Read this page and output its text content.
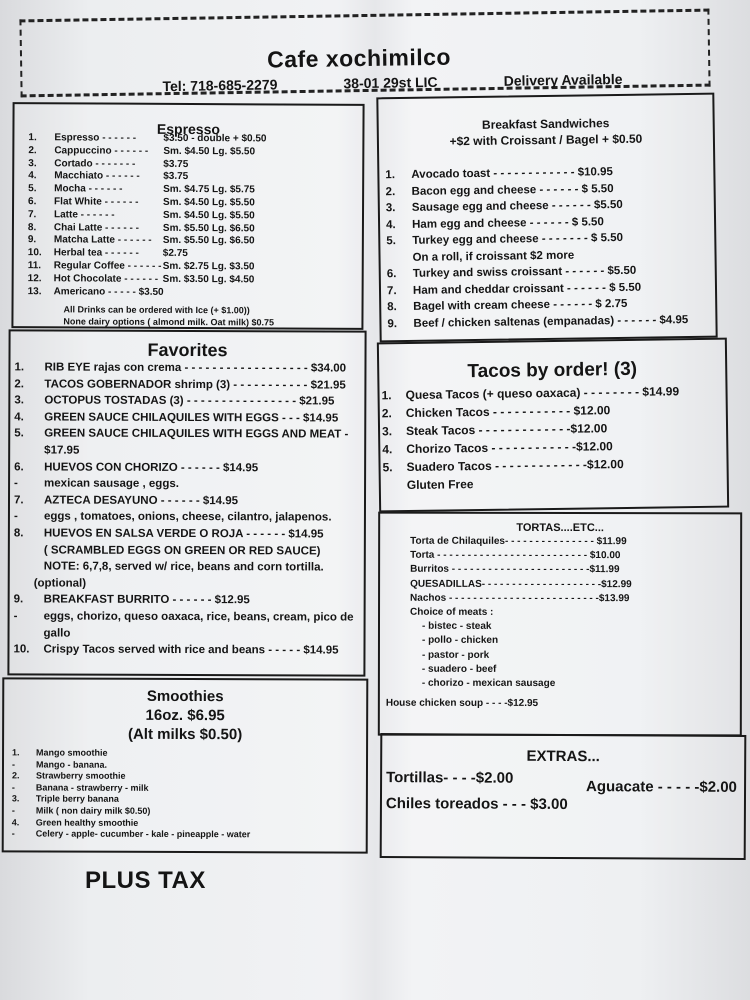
Cafe xochimilco
Tel: 718-685-2279	38-01 29st LIC	Delivery Available
Espresso
1. Espresso - - - - - -	$3.50 - double + $0.50
2. Cappuccino - - - - - - Sm. $4.50 Lg. $5.50
3. Cortado - - - - - - -	$3.75
4. Macchiato - - - - - - $3.75
5. Mocha - - - - - -	Sm. $4.75 Lg. $5.75
6. Flat White - - - - - - Sm. $4.50 Lg. $5.50
7. Latte - - - - - -	Sm. $4.50 Lg. $5.50
8. Chai Latte - - - - - - Sm. $5.50 Lg. $6.50
9. Matcha Latte - - - - - - Sm. $5.50 Lg. $6.50
10. Herbal tea - - - - - - $2.75
11. Regular Coffee - - - - - - Sm. $2.75 Lg. $3.50
12. Hot Chocolate - - - - - - Sm. $3.50 Lg. $4.50
13. Americano - - - - - $3.50
All Drinks can be ordered with Ice (+ $1.00))
None dairy options ( almond milk. Oat milk) $0.75
Favorites
1. RIB EYE rajas con crema - - - - - - - - - - - - - - - - - - $34.00
2. TACOS GOBERNADOR shrimp (3) - - - - - - - - - - - $21.95
3. OCTOPUS TOSTADAS (3) - - - - - - - - - - - - - - - - $21.95
4. GREEN SAUCE CHILAQUILES WITH EGGS - - - $14.95
5. GREEN SAUCE CHILAQUILES WITH EGGS AND MEAT -
$17.95
6. HUEVOS CON CHORIZO - - - - - - $14.95
- mexican sausage , eggs.
7. AZTECA DESAYUNO - - - - - - $14.95
- eggs , tomatoes, onions, cheese, cilantro, jalapenos.
8. HUEVOS EN SALSA VERDE O ROJA - - - - - - $14.95
( SCRAMBLED EGGS ON GREEN OR RED SAUCE)
NOTE: 6,7,8, served w/ rice, beans and corn tortilla.
(optional)
9. BREAKFAST BURRITO - - - - - - $12.95
- eggs, chorizo, queso oaxaca, rice, beans, cream, pico de
gallo
10. Crispy Tacos served with rice and beans - - - - - $14.95
Smoothies
16oz. $6.95
(Alt milks $0.50)
1. Mango smoothie
- Mango - banana.
2. Strawberry smoothie
- Banana - strawberry - milk
3. Triple berry banana
- Milk ( non dairy milk $0.50)
4. Green healthy smoothie
- Celery - apple- cucumber - kale - pineapple - water
PLUS TAX
Breakfast Sandwiches
+$2 with Croissant / Bagel + $0.50
1. Avocado toast - - - - - - - - - - - - $10.95
2. Bacon egg and cheese - - - - - - $ 5.50
3. Sausage egg and cheese - - - - - - $5.50
4. Ham egg and cheese - - - - - - $ 5.50
5. Turkey egg and cheese - - - - - - - $ 5.50
On a roll, if croissant $2 more
6. Turkey and swiss croissant - - - - - - $5.50
7. Ham and cheddar croissant - - - - - - $ 5.50
8. Bagel with cream cheese - - - - - - $ 2.75
9. Beef / chicken saltenas (empanadas) - - - - - - $4.95
Tacos by order! (3)
1. Quesa Tacos (+ queso oaxaca) - - - - - - - - $14.99
2. Chicken Tacos - - - - - - - - - - - $12.00
3. Steak Tacos - - - - - - - - - - - - -$12.00
4. Chorizo Tacos - - - - - - - - - - - -$12.00
5. Suadero Tacos - - - - - - - - - - - - -$12.00
Gluten Free
TORTAS....ETC...
Torta de Chilaquiles- - - - - - - - - - - - - - - $11.99
Torta - - - - - - - - - - - - - - - - - - - - - - - - - $10.00
Burritos - - - - - - - - - - - - - - - - - - - - - - -$11.99
QUESADILLAS- - - - - - - - - - - - - - - - - - - -$12.99
Nachos - - - - - - - - - - - - - - - - - - - - - - - - -$13.99
Choice of meats :
- bistec - steak
- pollo - chicken
- pastor - pork
- suadero - beef
- chorizo - mexican sausage
House chicken soup - - - -$12.95
EXTRAS...
Tortillas- - - -$2.00
Aguacate - - - - -$2.00
Chiles toreados - - - $3.00
